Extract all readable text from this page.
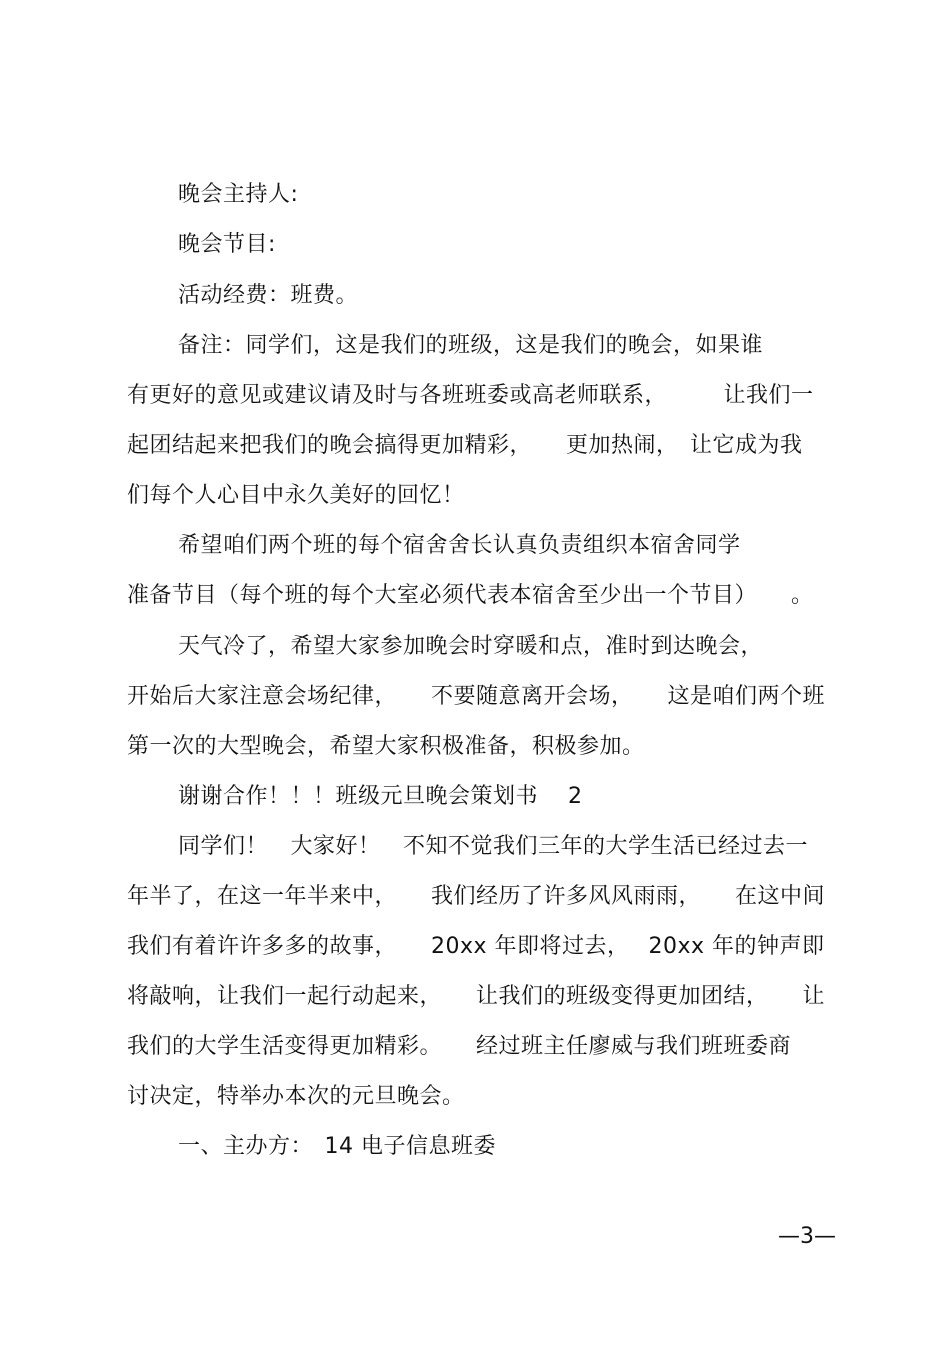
晚会主持人:
晚会节目:
活动经费：班费。
备注：同学们，这是我们的班级，这是我们的晚会，如果谁
有更好的意见或建议请及时与各班班委或高老师联系，　　　让我们一
起团结起来把我们的晚会搞得更加精彩，　　更加热闹，　让它成为我
们每个人心目中永久美好的回忆！
希望咱们两个班的每个宿舍舍长认真负责组织本宿舍同学
准备节目（每个班的每个大室必须代表本宿舍至少出一个节目）　　。
天气冷了，希望大家参加晚会时穿暖和点，准时到达晚会，
开始后大家注意会场纪律，　　不要随意离开会场，　　这是咱们两个班
第一次的大型晚会，希望大家积极准备，积极参加。
谢谢合作！！！班级元旦晚会策划书　 2
同学们！　大家好！　不知不觉我们三年的大学生活已经过去一
年半了，在这一年半来中，　　我们经历了许多风风雨雨，　　在这中间
我们有着许许多多的故事，　　20xx 年即将过去，　 20xx 年的钟声即
将敲响，让我们一起行动起来，　　让我们的班级变得更加团结，　　让
我们的大学生活变得更加精彩。　　经过班主任廖威与我们班班委商
讨决定，特举办本次的元旦晚会。
一、主办方：　14 电子信息班委
—3—
